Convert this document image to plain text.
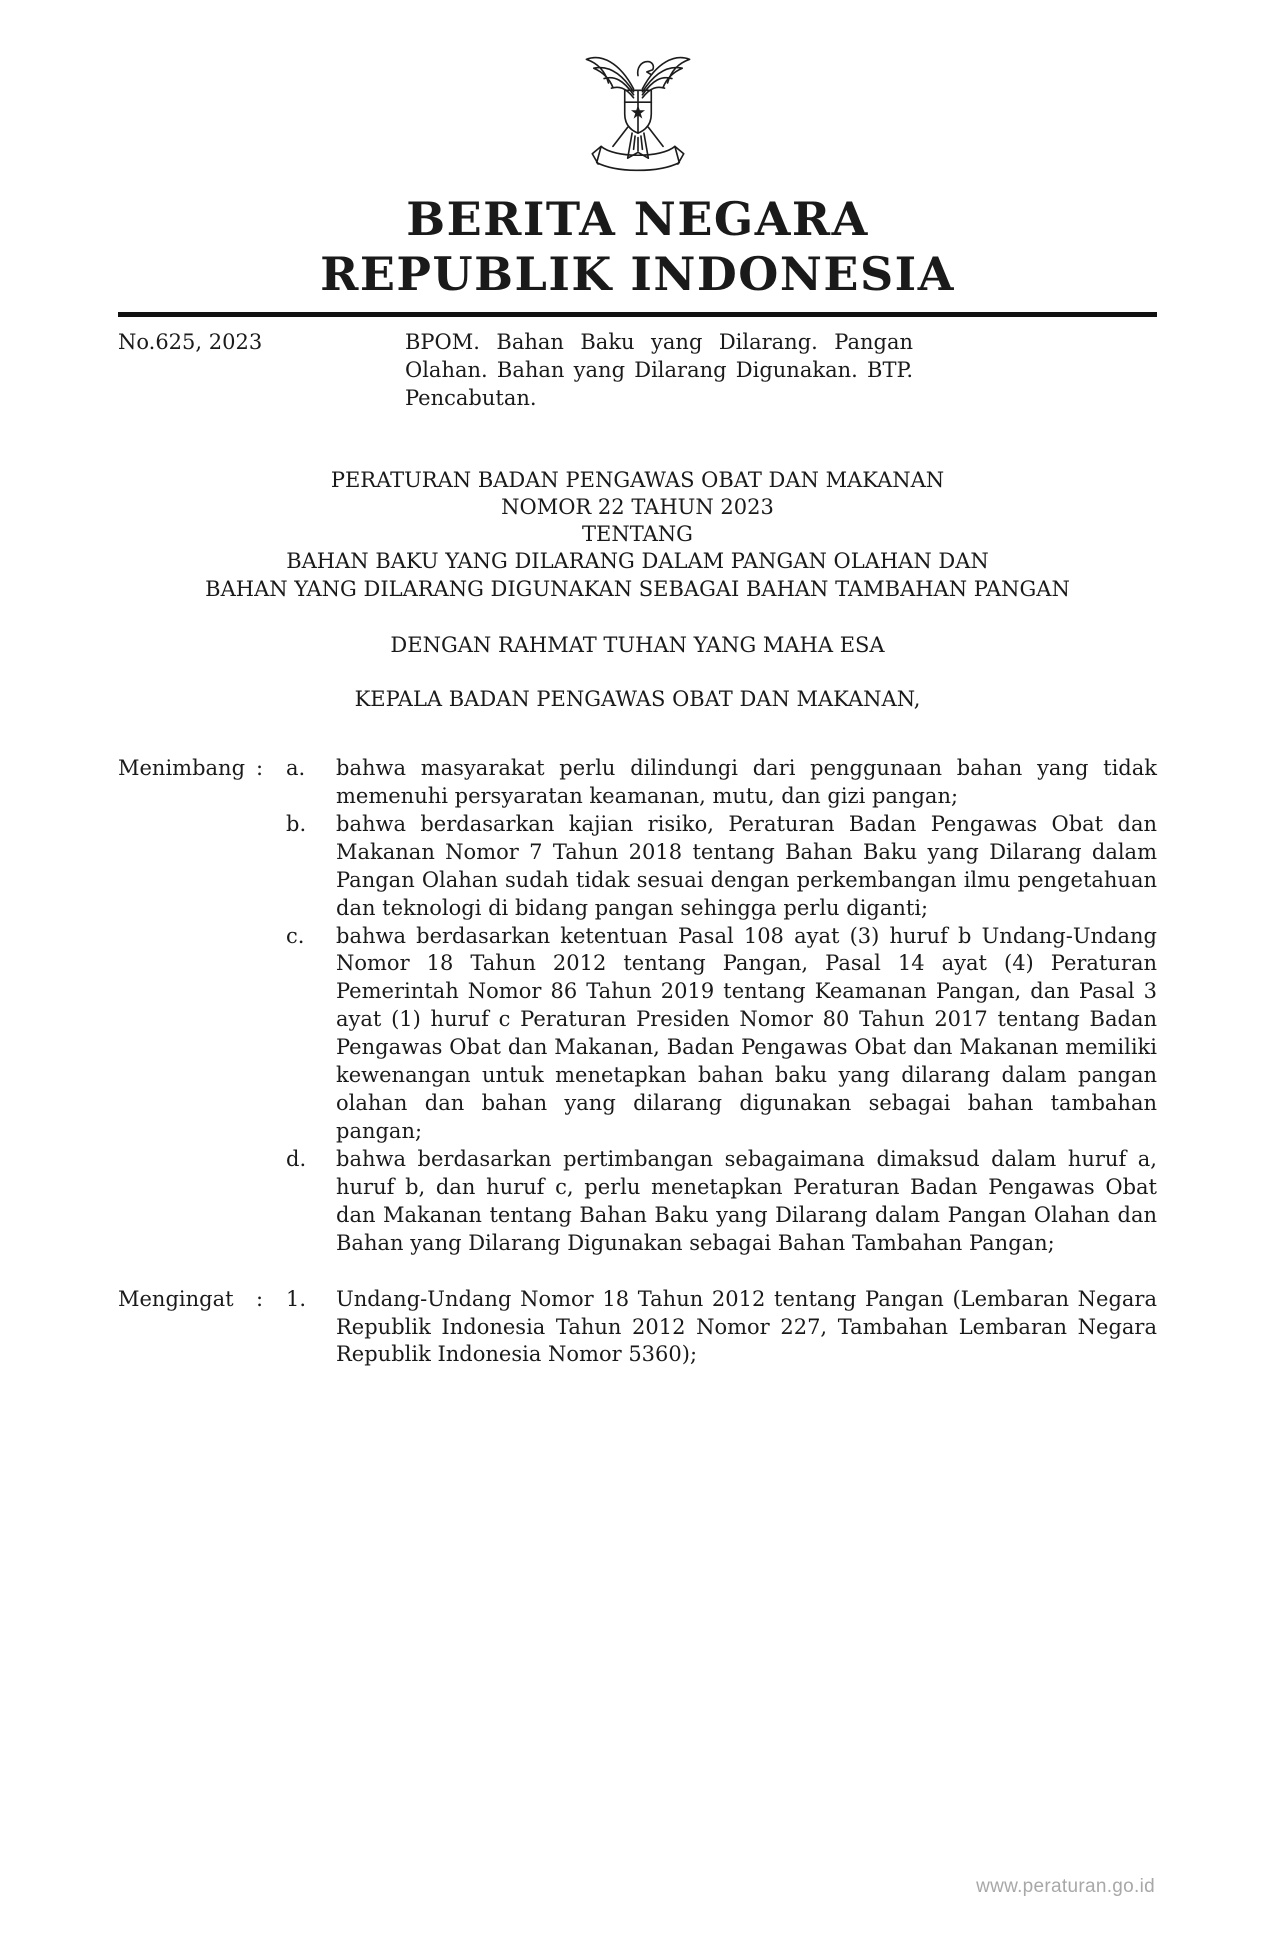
BERITA NEGARA
REPUBLIK INDONESIA
No.625, 2023	BPOM. Bahan Baku yang Dilarang. Pangan Olahan. Bahan yang Dilarang Digunakan. BTP. Pencabutan.
PERATURAN BADAN PENGAWAS OBAT DAN MAKANAN
NOMOR 22 TAHUN 2023
TENTANG
BAHAN BAKU YANG DILARANG DALAM PANGAN OLAHAN DAN
BAHAN YANG DILARANG DIGUNAKAN SEBAGAI BAHAN TAMBAHAN PANGAN
DENGAN RAHMAT TUHAN YANG MAHA ESA
KEPALA BADAN PENGAWAS OBAT DAN MAKANAN,
Menimbang :	a.	bahwa masyarakat perlu dilindungi dari penggunaan bahan yang tidak memenuhi persyaratan keamanan, mutu, dan gizi pangan;
b.	bahwa berdasarkan kajian risiko, Peraturan Badan Pengawas Obat dan Makanan Nomor 7 Tahun 2018 tentang Bahan Baku yang Dilarang dalam Pangan Olahan sudah tidak sesuai dengan perkembangan ilmu pengetahuan dan teknologi di bidang pangan sehingga perlu diganti;
c.	bahwa berdasarkan ketentuan Pasal 108 ayat (3) huruf b Undang-Undang Nomor 18 Tahun 2012 tentang Pangan, Pasal 14 ayat (4) Peraturan Pemerintah Nomor 86 Tahun 2019 tentang Keamanan Pangan, dan Pasal 3 ayat (1) huruf c Peraturan Presiden Nomor 80 Tahun 2017 tentang Badan Pengawas Obat dan Makanan, Badan Pengawas Obat dan Makanan memiliki kewenangan untuk menetapkan bahan baku yang dilarang dalam pangan olahan dan bahan yang dilarang digunakan sebagai bahan tambahan pangan;
d.	bahwa berdasarkan pertimbangan sebagaimana dimaksud dalam huruf a, huruf b, dan huruf c, perlu menetapkan Peraturan Badan Pengawas Obat dan Makanan tentang Bahan Baku yang Dilarang dalam Pangan Olahan dan Bahan yang Dilarang Digunakan sebagai Bahan Tambahan Pangan;
Mengingat	:	1.	Undang-Undang Nomor 18 Tahun 2012 tentang Pangan (Lembaran Negara Republik Indonesia Tahun 2012 Nomor 227, Tambahan Lembaran Negara Republik Indonesia Nomor 5360);
www.peraturan.go.id
